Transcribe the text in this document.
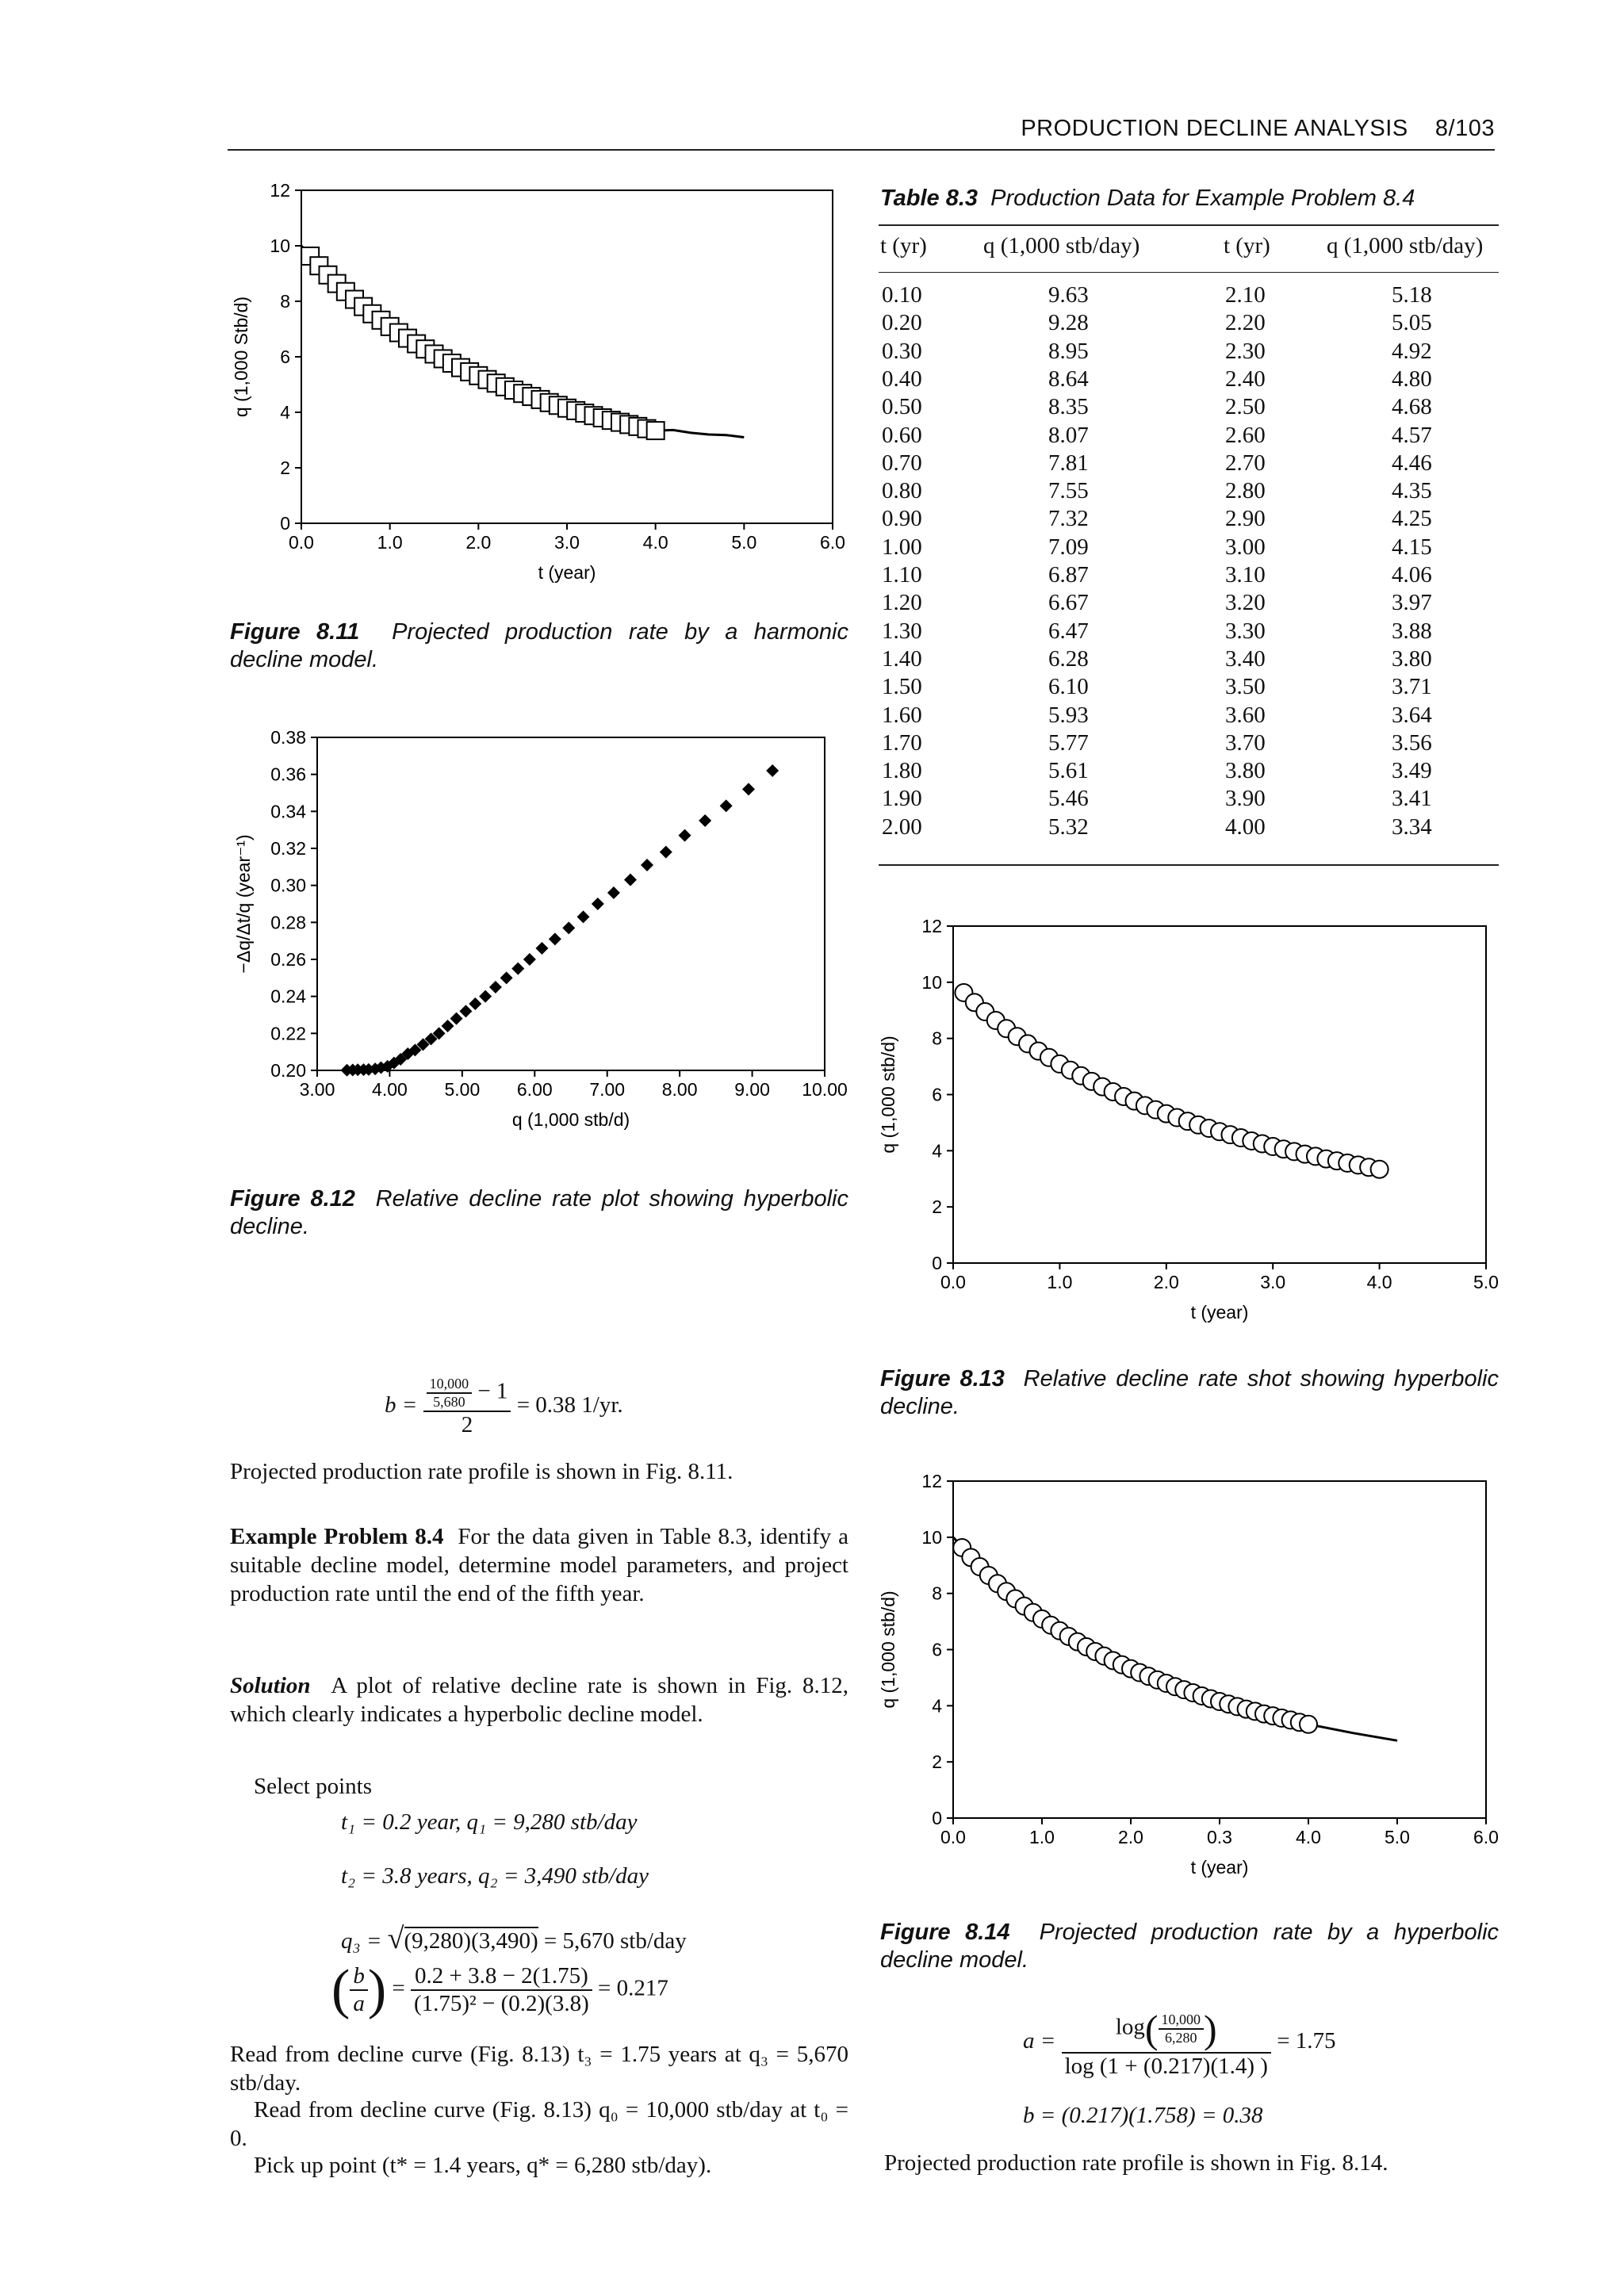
PRODUCTION DECLINE ANALYSIS 8/103
0
2
4
6
8
10
12
0.0	1.0	2.0	3.0	4.0	5.0	6.0
t (year)
q (1,000 Stb/d)
Figure 8.11 Projected production rate by a harmonic decline model.
0.20
0.22
0.24
0.26
0.28
0.30
0.32
0.34
0.36
0.38
3.00 4.00 5.00 6.00 7.00 8.00 9.00 10.00
q (1,000 stb/d)
−Δq/Δt/q (year⁻¹)
Figure 8.12 Relative decline rate plot showing hyperbolic decline.
$b = \frac{\frac{10,000}{5,680} - 1}{2} = 0.38$ 1/yr.
Projected production rate profile is shown in Fig. 8.11.
Example Problem 8.4 For the data given in Table 8.3, identify a suitable decline model, determine model parameters, and project production rate until the end of the fifth year.
Solution A plot of relative decline rate is shown in Fig. 8.12, which clearly indicates a hyperbolic decline model.
Select points
t₁ = 0.2 year, q₁ = 9,280 stb/day
t₂ = 3.8 years, q₂ = 3,490 stb/day
q₃ = √(9,280)(3,490) = 5,670 stb/day
( $\frac{b}{a}$ ) = $\frac{0.2 + 3.8 - 2(1.75)}{\text{(1.75)² − (0.2)(3.8)}} = 0.217$
Read from decline curve (Fig. 8.13) t₃ = 1.75 years at q₃ = 5,670 stb/day.
Read from decline curve (Fig. 8.13) q₀ = 10,000 stb/day at t₀ = 0.
Pick up point (t* = 1.4 years, q* = 6,280 stb/day).
Table 8.3 Production Data for Example Problem 8.4
t (yr) q (1,000 stb/day)	t (yr) q (1,000 stb/day)
0.10	9.63	2.10	5.18
0.20	9.28	2.20	5.05
0.30	8.95	2.30	4.92
0.40	8.64	2.40	4.80
0.50	8.35	2.50	4.68
0.60	8.07	2.60	4.57
0.70	7.81	2.70	4.46
0.80	7.55	2.80	4.35
0.90	7.32	2.90	4.25
1.00	7.09	3.00	4.15
1.10	6.87	3.10	4.06
1.20	6.67	3.20	3.97
1.30	6.47	3.30	3.88
1.40	6.28	3.40	3.80
1.50	6.10	3.50	3.71
1.60	5.93	3.60	3.64
1.70	5.77	3.70	3.56
1.80	5.61	3.80	3.49
1.90	5.46	3.90	3.41
2.00	5.32	4.00	3.34
0
2
4
6
8
10
12
0.0	1.0	2.0	3.0	4.0	5.0
t (year)
q (1,000 stb/d)
Figure 8.13 Relative decline rate shot showing hyperbolic decline.
0
2
4
6
8
10
12
0.0	1.0	2.0	0.3	4.0	5.0	6.0
t (year)
q (1,000 stb/d)
Figure 8.14 Projected production rate by a hyperbolic decline model.
$a = \frac{\log( \frac{10,000}{6,280} )}{\log (1 + (0.217)(1.4) )} = 1.75$
b = (0.217)(1.758) = 0.38
Projected production rate profile is shown in Fig. 8.14.
